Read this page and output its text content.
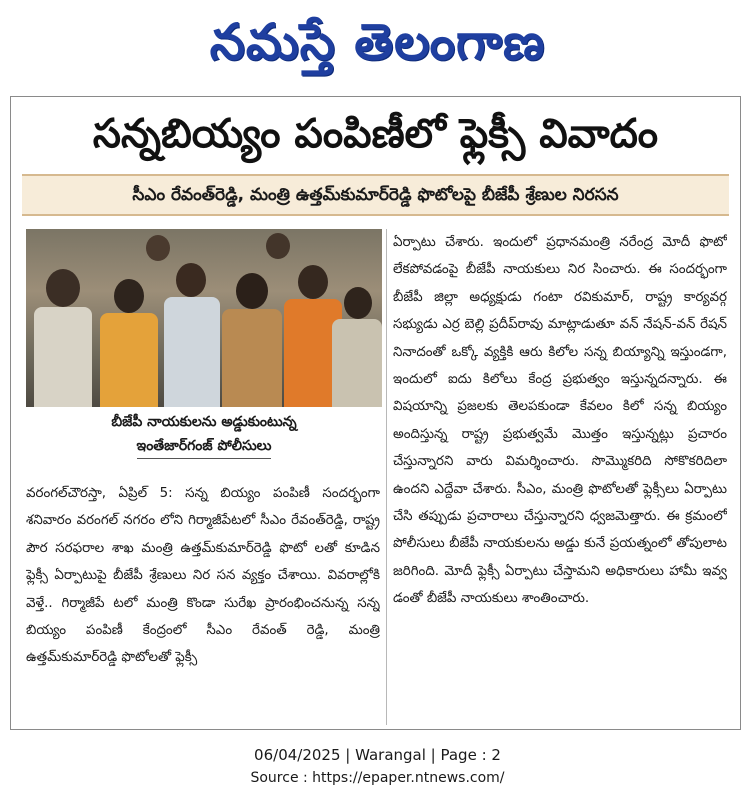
నమస్తే తెలంగాణ
సన్నబియ్యం పంపిణీలో ఫ్లెక్సీ వివాదం
సీఎం రేవంత్‌రెడ్డి, మంత్రి ఉత్తమ్‌కుమార్‌రెడ్డి ఫొటోలపై బీజేపీ శ్రేణుల నిరసన
బీజేపీ నాయకులను అడ్డుకుంటున్న
ఇంతేజార్‌గంజ్ పోలీసులు

వరంగల్‌చౌరస్తా, ఏప్రిల్ 5: సన్న బియ్యం పంపిణీ సందర్భంగా శనివారం వరంగల్ నగరం లోని గిర్మాజీపేటలో సీఎం రేవంత్‌రెడ్డి, రాష్ట్ర పౌర సరఫరాల శాఖ మంత్రి ఉత్తమ్‌కుమార్‌రెడ్డి ఫొటో లతో కూడిన ఫ్లెక్సీ ఏర్పాటుపై బీజేపీ శ్రేణులు నిర సన వ్యక్తం చేశాయి. వివరాల్లోకి వెళ్తే.. గిర్మాజీపే టలో మంత్రి కొండా సురేఖ ప్రారంభించనున్న సన్న బియ్యం పంపిణీ కేంద్రంలో సీఎం రేవంత్ రెడ్డి, మంత్రి ఉత్తమ్‌కుమార్‌రెడ్డి ఫొటోలతో ఫ్లెక్సీ

ఏర్పాటు చేశారు. ఇందులో ప్రధానమంత్రి నరేంద్ర మోదీ ఫొటో లేకపోవడంపై బీజేపీ నాయకులు నిర సించారు. ఈ సందర్భంగా బీజేపీ జిల్లా అధ్యక్షుడు గంటా రవికుమార్, రాష్ట్ర కార్యవర్గ సభ్యుడు ఎర్ర బెల్లి ప్రదీప్‌రావు మాట్లాడుతూ వన్ నేషన్-వన్ రేషన్ నినాదంతో ఒక్కో వ్యక్తికి ఆరు కిలోల సన్న బియ్యాన్ని ఇస్తుండగా, ఇందులో ఐదు కిలోలు కేంద్ర ప్రభుత్వం ఇస్తున్నదన్నారు. ఈ విషయాన్ని ప్రజలకు తెలపకుండా కేవలం కిలో సన్న బియ్యం అందిస్తున్న రాష్ట్ర ప్రభుత్వమే మొత్తం ఇస్తున్నట్లు ప్రచారం చేస్తున్నారని వారు విమర్శించారు. సొమ్మొకరిది సోకొకరిదిలా ఉందని ఎద్దేవా చేశారు. సీఎం, మంత్రి ఫొటోలతో ఫ్లెక్సీలు ఏర్పాటు చేసి తప్పుడు ప్రచారాలు చేస్తున్నారని ధ్వజమెత్తారు. ఈ క్రమంలో పోలీసులు బీజేపీ నాయకులను అడ్డు కునే ప్రయత్నంలో తోపులాట జరిగింది. మోదీ ఫ్లెక్సీ ఏర్పాటు చేస్తామని అధికారులు హామీ ఇవ్వ డంతో బీజేపీ నాయకులు శాంతించారు.

06/04/2025 | Warangal | Page : 2
Source : https://epaper.ntnews.com/
